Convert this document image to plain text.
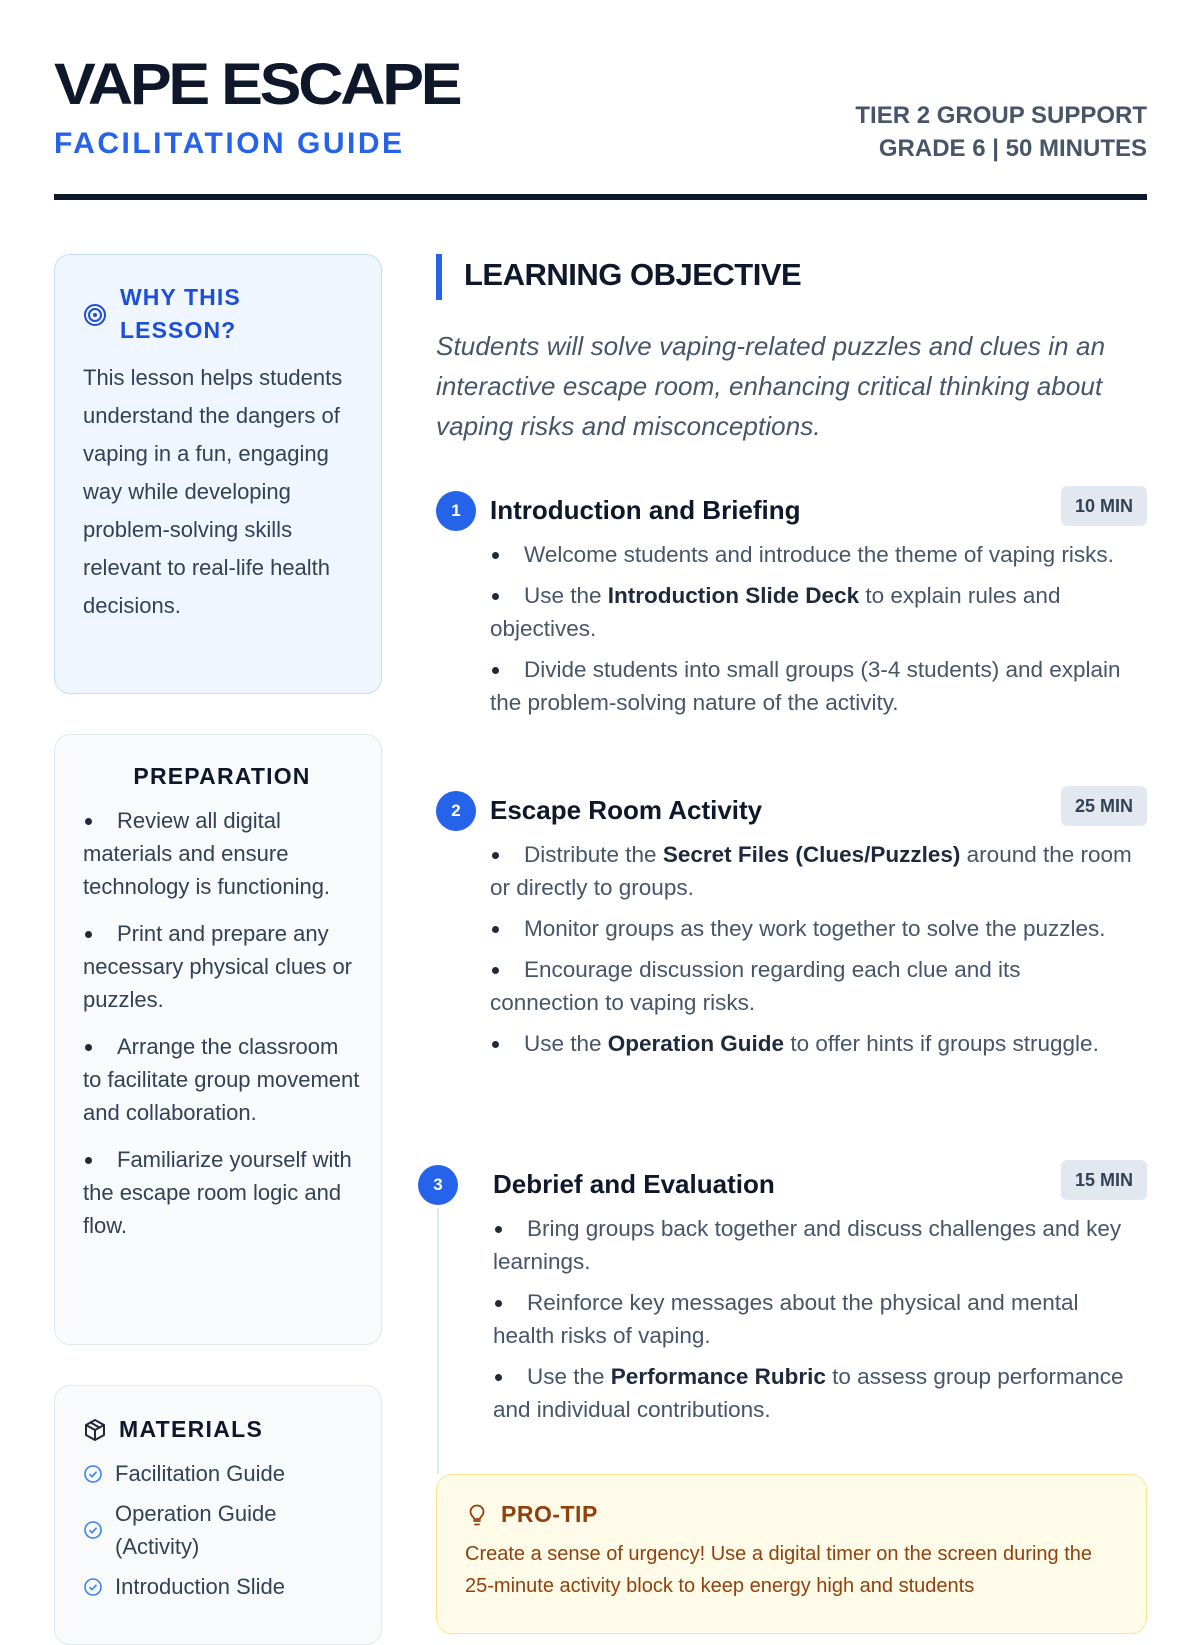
VAPE ESCAPE
FACILITATION GUIDE
TIER 2 GROUP SUPPORT
GRADE 6 | 50 MINUTES
WHY THIS LESSON?
This lesson helps students understand the dangers of vaping in a fun, engaging way while developing problem-solving skills relevant to real-life health decisions.
PREPARATION
Review all digital materials and ensure technology is functioning.
Print and prepare any necessary physical clues or puzzles.
Arrange the classroom to facilitate group movement and collaboration.
Familiarize yourself with the escape room logic and flow.
MATERIALS
Facilitation Guide
Operation Guide (Activity)
Introduction Slide
LEARNING OBJECTIVE
Students will solve vaping-related puzzles and clues in an interactive escape room, enhancing critical thinking about vaping risks and misconceptions.
1	Introduction and Briefing	10 MIN
Welcome students and introduce the theme of vaping risks.
Use the Introduction Slide Deck to explain rules and objectives.
Divide students into small groups (3-4 students) and explain the problem-solving nature of the activity.
2	Escape Room Activity	25 MIN
Distribute the Secret Files (Clues/Puzzles) around the room or directly to groups.
Monitor groups as they work together to solve the puzzles.
Encourage discussion regarding each clue and its connection to vaping risks.
Use the Operation Guide to offer hints if groups struggle.
3	Debrief and Evaluation	15 MIN
Bring groups back together and discuss challenges and key learnings.
Reinforce key messages about the physical and mental health risks of vaping.
Use the Performance Rubric to assess group performance and individual contributions.
PRO-TIP
Create a sense of urgency! Use a digital timer on the screen during the 25-minute activity block to keep energy high and students
